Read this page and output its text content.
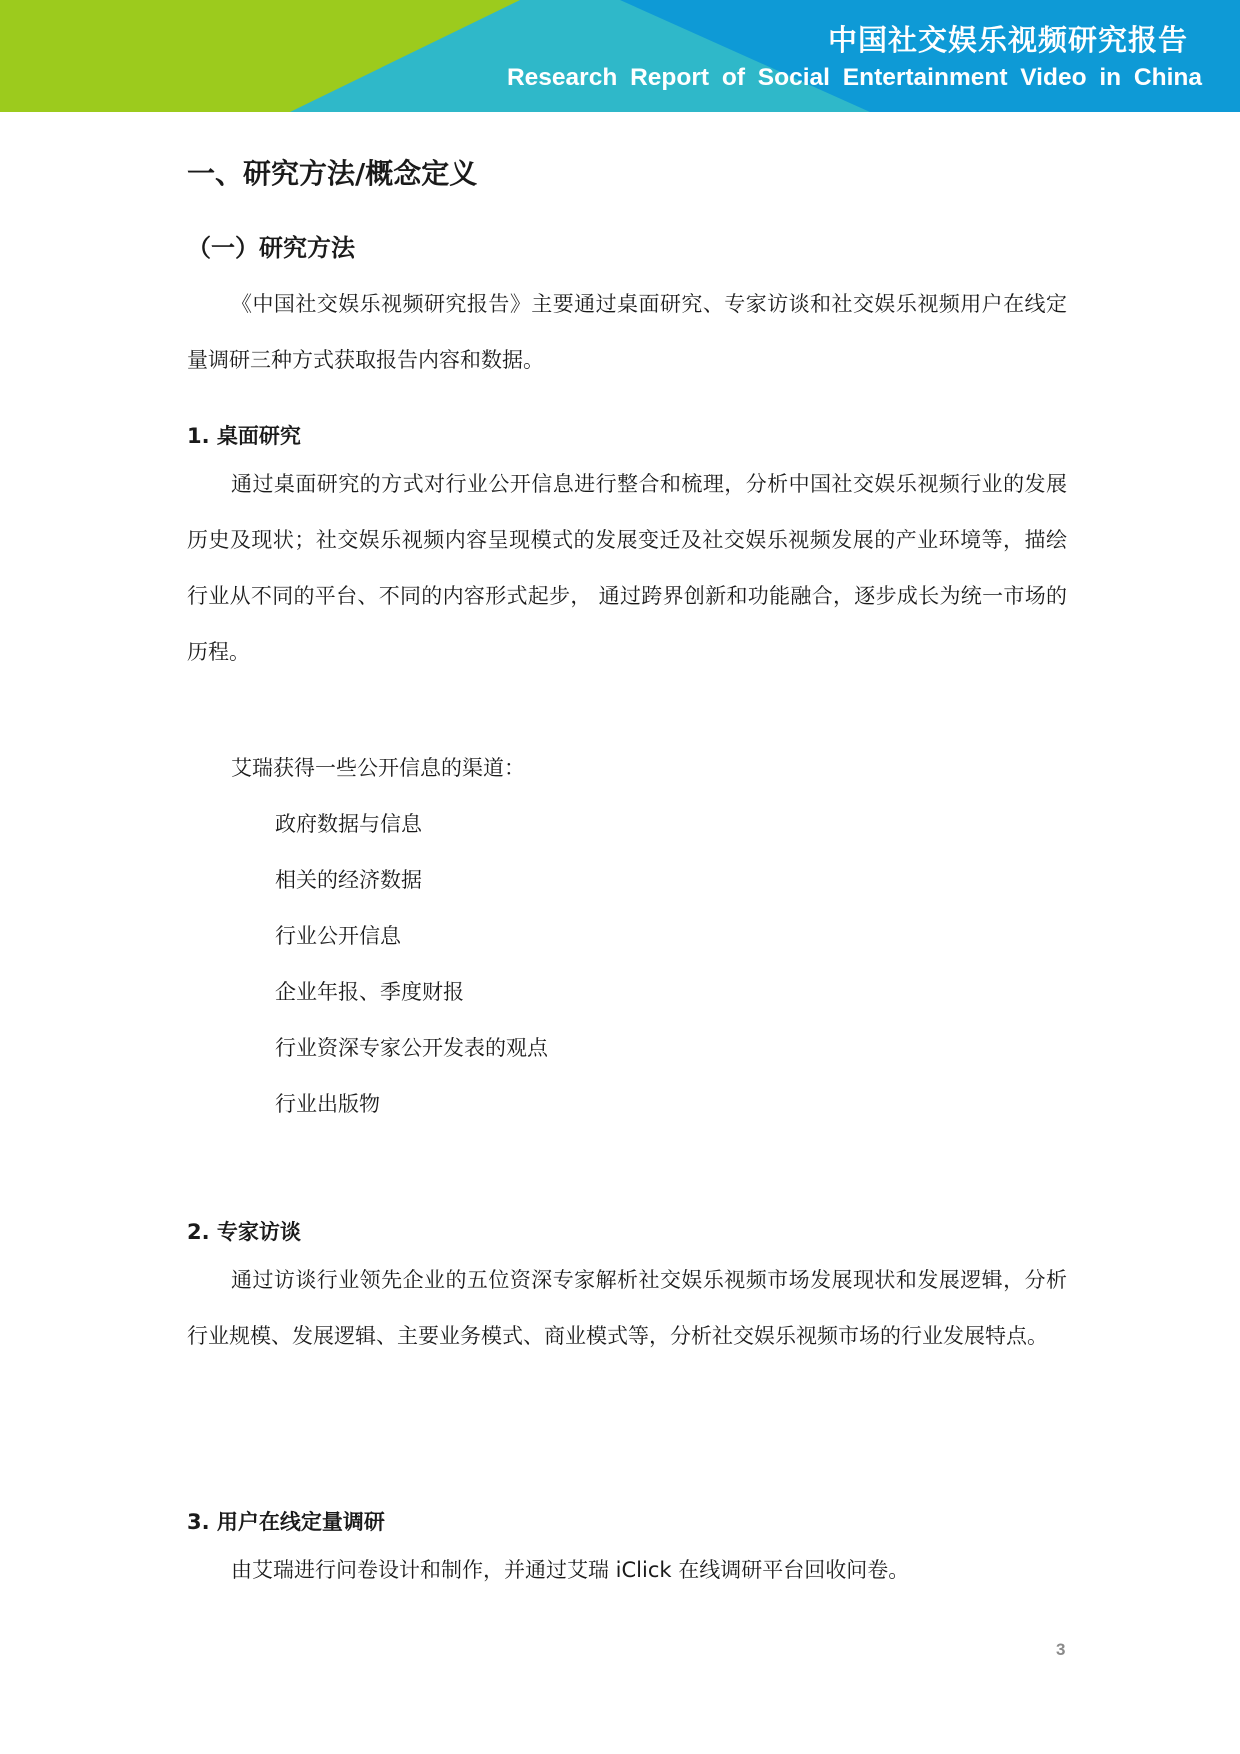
中国社交娱乐视频研究报告

Research Report of Social Entertainment Video in China

一、研究方法/概念定义
（一）研究方法

《中国社交娱乐视频研究报告》主要通过桌面研究、专家访谈和社交娱乐视频用户在线定量调研三种方式获取报告内容和数据。

1. 桌面研究

通过桌面研究的方式对行业公开信息进行整合和梳理，分析中国社交娱乐视频行业的发展历史及现状；社交娱乐视频内容呈现模式的发展变迁及社交娱乐视频发展的产业环境等，描绘行业从不同的平台、不同的内容形式起步， 通过跨界创新和功能融合，逐步成长为统一市场的历程。

艾瑞获得一些公开信息的渠道：

政府数据与信息

相关的经济数据

行业公开信息

企业年报、季度财报

行业资深专家公开发表的观点

行业出版物

2. 专家访谈

通过访谈行业领先企业的五位资深专家解析社交娱乐视频市场发展现状和发展逻辑，分析行业规模、发展逻辑、主要业务模式、商业模式等，分析社交娱乐视频市场的行业发展特点。

3. 用户在线定量调研

由艾瑞进行问卷设计和制作，并通过艾瑞 iClick 在线调研平台回收问卷。

3
